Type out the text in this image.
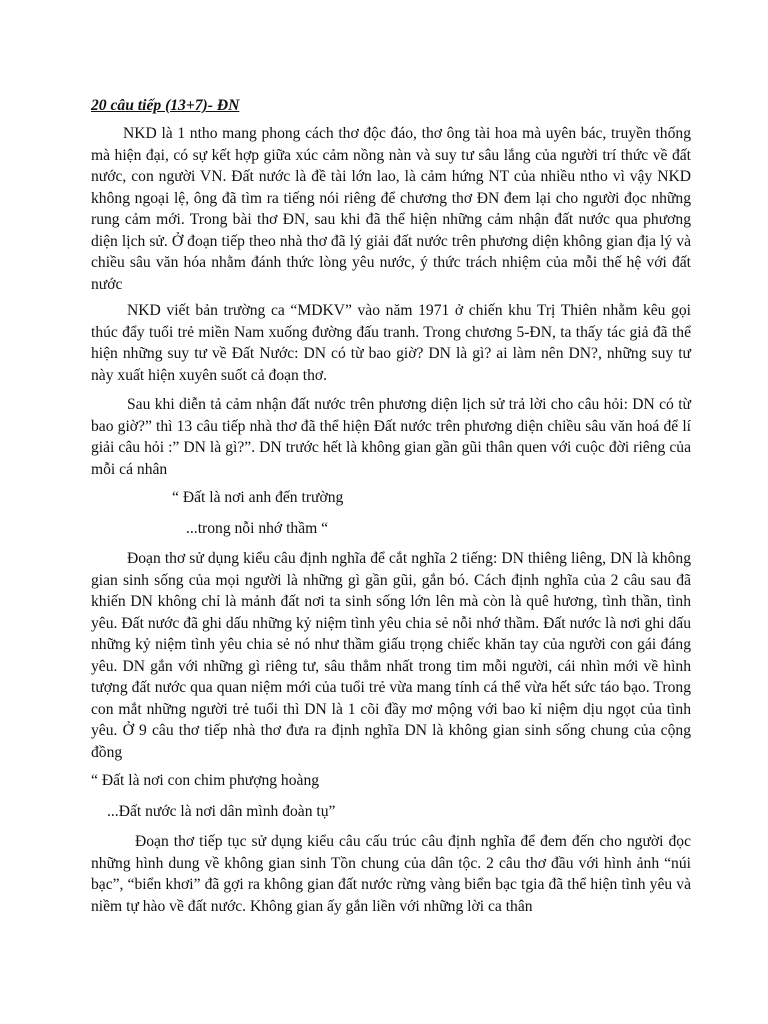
20 câu tiếp (13+7)- ĐN
NKD là 1 ntho mang phong cách thơ độc đáo, thơ ông tài hoa mà uyên bác, truyền thống mà hiện đại, có sự kết hợp giữa xúc cảm nồng nàn và suy tư sâu lắng của người trí thức về đất nước, con người VN. Đất nước là đề tài lớn lao, là cảm hứng NT của nhiều ntho vì vậy NKD không ngoại lệ, ông đã tìm ra tiếng nói riêng để chương thơ ĐN đem lại cho người đọc những rung cảm mới. Trong bài thơ ĐN, sau khi đã thể hiện những cảm nhận đất nước qua phương diện lịch sử. Ở đoạn tiếp theo nhà thơ đã lý giải đất nước trên phương diện không gian địa lý và chiều sâu văn hóa nhằm đánh thức lòng yêu nước, ý thức trách nhiệm của mỗi thế hệ với đất nước
NKD viết bản trường ca “MDKV” vào năm 1971 ở chiến khu Trị Thiên nhằm kêu gọi thúc đẩy tuổi trẻ miền Nam xuống đường đấu tranh. Trong chương 5-ĐN, ta thấy tác giả đã thể hiện những suy tư về Đất Nước: DN có từ bao giờ? DN là gì? ai làm nên DN?, những suy tư này xuất hiện xuyên suốt cả đoạn thơ.
Sau khi diễn tả cảm nhận đất nước trên phương diện lịch sử trả lời cho câu hỏi: DN có từ bao giờ?” thì 13 câu tiếp nhà thơ đã thể hiện Đất nước trên phương diện chiều sâu văn hoá để lí giải câu hỏi :” DN là gì?”. DN trước hết là không gian gần gũi thân quen với cuộc đời riêng của mỗi cá nhân
“ Đất là nơi anh đến trường
...trong nỗi nhớ thầm “
Đoạn thơ sử dụng kiểu câu định nghĩa để cắt nghĩa 2 tiếng: DN thiêng liêng, DN là không gian sinh sống của mọi người là những gì gần gũi, gắn bó. Cách định nghĩa của 2 câu sau đã khiến DN không chỉ là mảnh đất nơi ta sinh sống lớn lên mà còn là quê hương, tình thần, tình yêu. Đất nước đã ghi dấu những kỷ niệm tình yêu chia sẻ nỗi nhớ thầm. Đất nước là nơi ghi dấu những kỷ niệm tình yêu chia sẻ nó như thầm giấu trọng chiếc khăn tay của người con gái đáng yêu. DN gắn với những gì riêng tư, sâu thẳm nhất trong tim mỗi người, cái nhìn mới về hình tượng đất nước qua quan niệm mới của tuổi trẻ vừa mang tính cá thể vừa hết sức táo bạo. Trong con mắt những người trẻ tuổi thì DN là 1 cõi đầy mơ mộng với bao kỉ niệm dịu ngọt của tình yêu. Ở 9 câu thơ tiếp nhà thơ đưa ra định nghĩa DN là không gian sinh sống chung của cộng đồng
“ Đất là nơi con chim phượng hoàng
...Đất nước là nơi dân mình đoàn tụ”
Đoạn thơ tiếp tục sử dụng kiểu câu cấu trúc câu định nghĩa để đem đến cho người đọc những hình dung về không gian sinh Tồn chung của dân tộc. 2 câu thơ đầu với hình ảnh “núi bạc”, “biển khơi” đã gợi ra không gian đất nước rừng vàng biển bạc tgia đã thể hiện tình yêu và niềm tự hào về đất nước. Không gian ấy gắn liền với những lời ca thân
